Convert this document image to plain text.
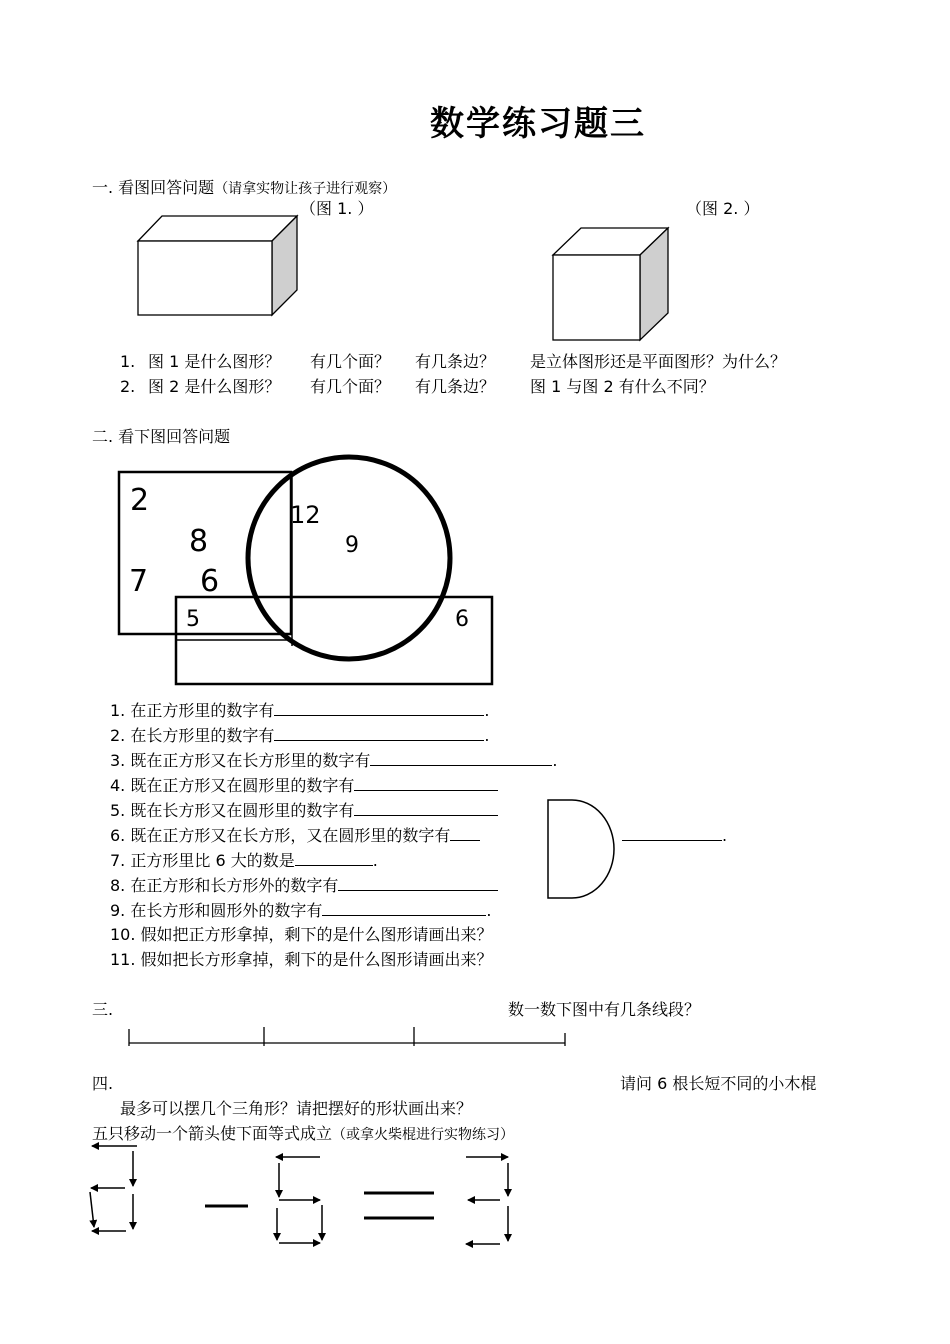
数学练习题三
一. 看图回答问题（请拿实物让孩子进行观察）
（图 1. ）	（图 2. ）
1. 图 1 是什么图形？ 有几个面？ 有几条边？ 是立体图形还是平面图形？为什么？
2. 图 2 是什么图形？ 有几个面？ 有几条边？ 图 1 与图 2 有什么不同？
二. 看下图回答问题
2
8
7 6
12
9
5	6
1. 在正方形里的数字有	.
2. 在长方形里的数字有	.
3. 既在正方形又在长方形里的数字有	.
4. 既在正方形又在圆形里的数字有
5. 既在长方形又在圆形里的数字有
6. 既在正方形又在长方形，又在圆形里的数字有	.
7. 正方形里比 6 大的数是	.
8. 在正方形和长方形外的数字有
9. 在长方形和圆形外的数字有	.
10. 假如把正方形拿掉，剩下的是什么图形请画出来？
11. 假如把长方形拿掉，剩下的是什么图形请画出来？
三.	数一数下图中有几条线段？
四.	请问 6 根长短不同的小木棍
最多可以摆几个三角形？请把摆好的形状画出来？
五只移动一个箭头使下面等式成立（或拿火柴棍进行实物练习）
